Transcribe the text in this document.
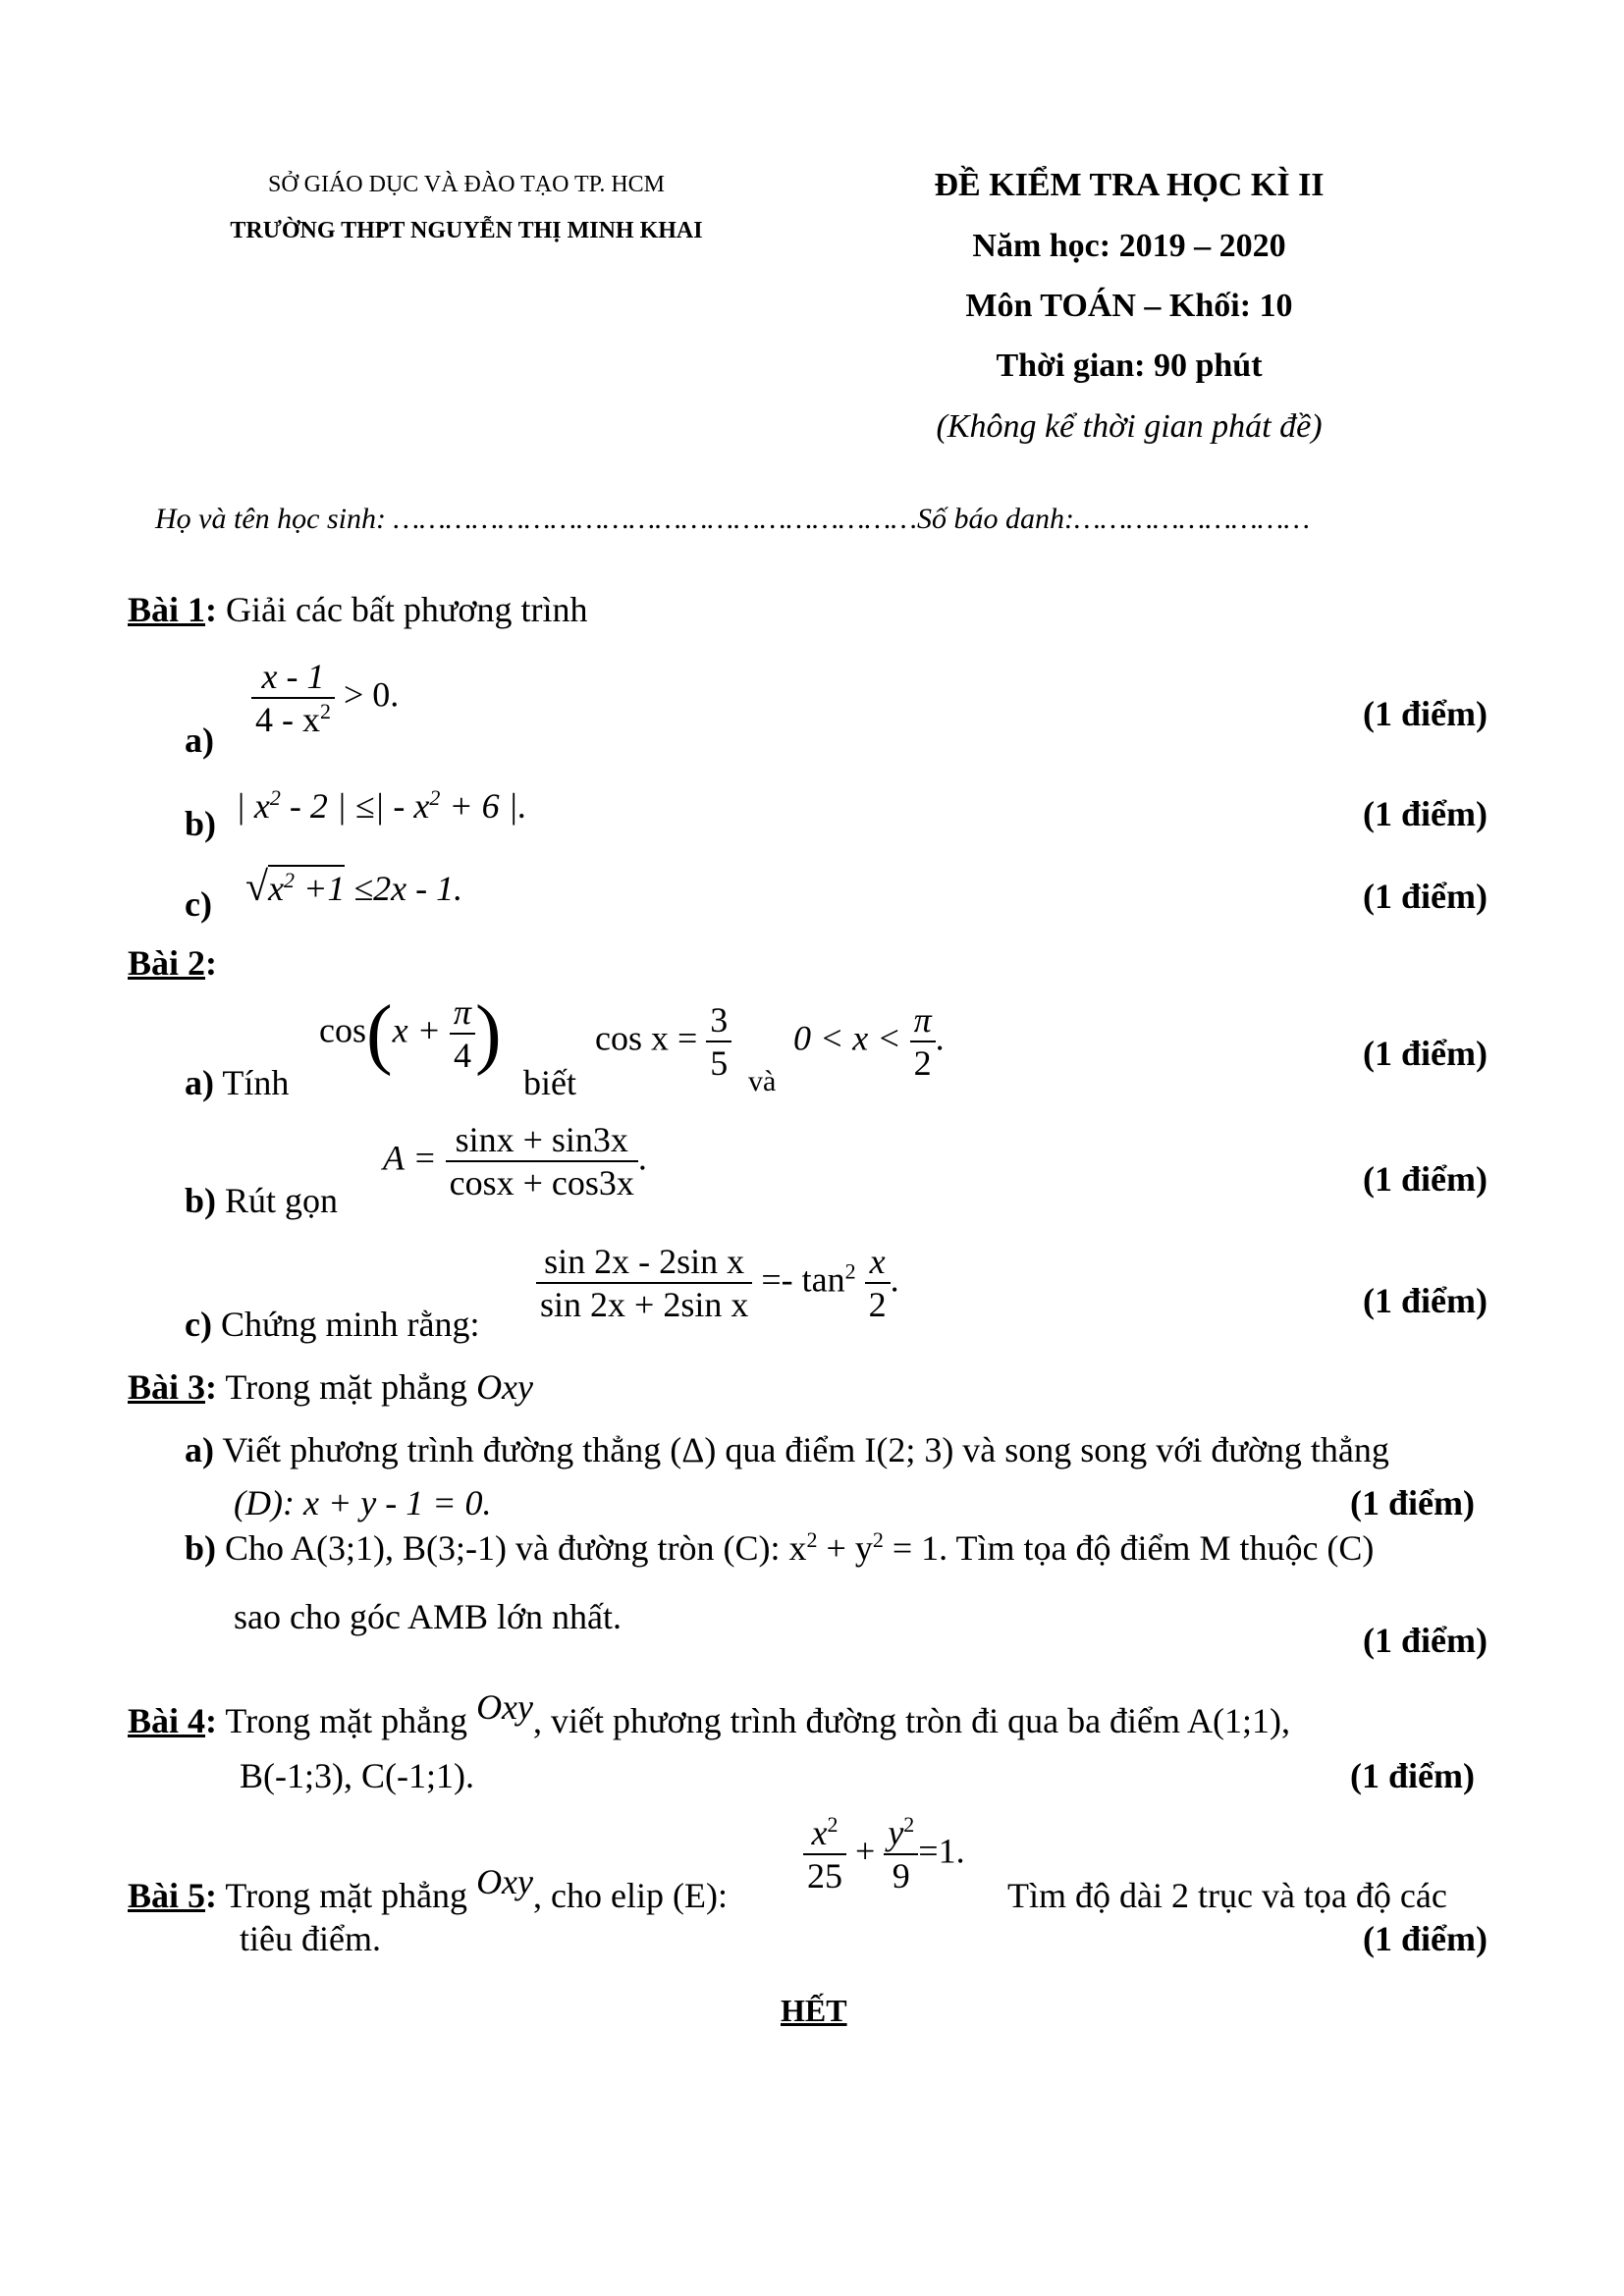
SỞ GIÁO DỤC VÀ ĐÀO TẠO TP. HCM
TRƯỜNG THPT NGUYỄN THỊ MINH KHAI
ĐỀ KIỂM TRA HỌC KÌ II
Năm học: 2019 – 2020
Môn TOÁN – Khối: 10
Thời gian: 90 phút
(Không kể thời gian phát đề)
Họ và tên học sinh: ……………………………………………………Số báo danh:………………………
Bài 1: Giải các bất phương trình
$a) \frac{x - 1}{4 - x^2} > 0$.	(1 điểm)
b) | $x^2 - 2$ | ≤| - $x^2 + 6$ |.	(1 điểm)
c) $√x^2 +1 \le 2x - 1$.	(1 điểm)
Bài 2:
a) Tính
$\cos(x + \frac{\pi}{4}$ )
biết
$\cos x = \frac{3}{5}$ và
$0 < x < \frac{\pi}{2}$ .	(1 điểm)
b) Rút gọn
$A = \frac{\sin x + \sin 3x}{\cos x + \cos 3x}$ .
(1 điểm)
c) Chứng minh rằng: $\frac{\text{sin 2x - 2sin x}}{\text{sin 2x + 2sin x}} =- \tan^2 \frac{x}{2}$ .
(1 điểm)
Bài 3: Trong mặt phẳng Oxy
a) Viết phương trình đường thẳng (Δ) qua điểm I(2; 3) và song song với đường thẳng
(D): x + y - 1 = 0.	(1 điểm)
b) Cho A(3;1), B(3;-1) và đường tròn (C): $x^2 + y^2 = 1$. Tìm tọa độ điểm M thuộc (C)
sao cho góc AMB lớn nhất.
(1 điểm)
Bài 4: Trong mặt phẳng Oxy, viết phương trình đường tròn đi qua ba điểm A(1;1),
B(-1;3), C(-1;1).	(1 điểm)
Bài 5: Trong mặt phẳng Oxy, cho elip (E): $\frac{x^2}{25} + \frac{y^2}{9} =1$.
Tìm độ dài 2 trục và tọa độ các
tiêu điểm.	(1 điểm)
HẾT
